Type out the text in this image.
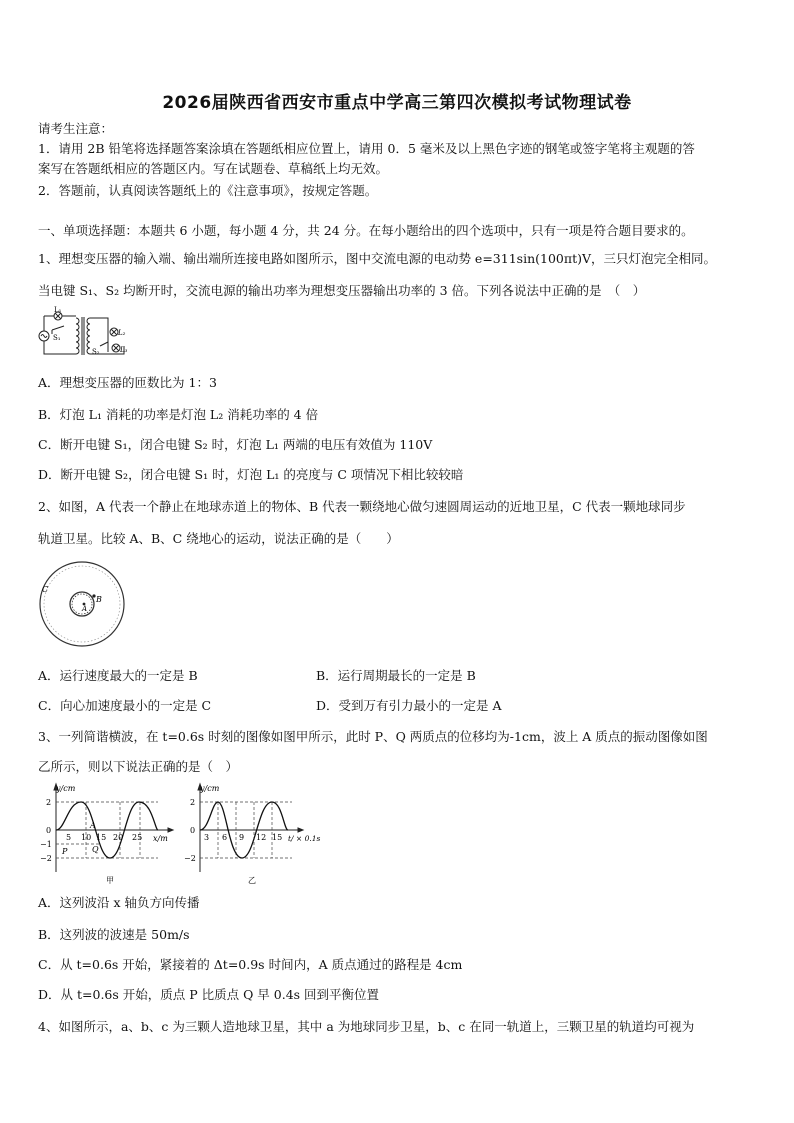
2026届陕西省西安市重点中学高三第四次模拟考试物理试卷
请考生注意：
1．请用 2B 铅笔将选择题答案涂填在答题纸相应位置上，请用 0．5 毫米及以上黑色字迹的钢笔或签字笔将主观题的答
案写在答题纸相应的答题区内。写在试题卷、草稿纸上均无效。
2．答题前，认真阅读答题纸上的《注意事项》，按规定答题。
一、单项选择题：本题共 6 小题，每小题 4 分，共 24 分。在每小题给出的四个选项中，只有一项是符合题目要求的。
1、理想变压器的输入端、输出端所连接电路如图所示，图中交流电源的电动势 e=311sin(100πt)V，三只灯泡完全相同。
当电键 S₁、S₂ 均断开时，交流电源的输出功率为理想变压器输出功率的 3 倍。下列各说法中正确的是　（　）
L₁
L₂
L₃
S₁
S₂
A．理想变压器的匝数比为 1：3
B．灯泡 L₁ 消耗的功率是灯泡 L₂ 消耗功率的 4 倍
C．断开电键 S₁，闭合电键 S₂ 时，灯泡 L₁ 两端的电压有效值为 110V
D．断开电键 S₂，闭合电键 S₁ 时，灯泡 L₁ 的亮度与 C 项情况下相比较较暗
2、如图，A 代表一个静止在地球赤道上的物体、B 代表一颗绕地心做匀速圆周运动的近地卫星，C 代表一颗地球同步
轨道卫星。比较 A、B、C 绕地心的运动，说法正确的是（　　）
C
B
A
A．运行速度最大的一定是 B	B．运行周期最长的一定是 B
C．向心加速度最小的一定是 C	D．受到万有引力最小的一定是 A
3、一列简谐横波，在 t=0.6s 时刻的图像如图甲所示，此时 P、Q 两质点的位移均为-1cm，波上 A 质点的振动图像如图
乙所示，则以下说法正确的是（　）
y/cm
x/m
2
0
−1
−2
5 10 15 20 25
A
P	Q
甲
y/cm
t/ × 0.1s
2
0
−2
3 6 9 12 15
乙
A．这列波沿 x 轴负方向传播
B．这列波的波速是 50m/s
C．从 t=0.6s 开始，紧接着的 Δt=0.9s 时间内，A 质点通过的路程是 4cm
D．从 t=0.6s 开始，质点 P 比质点 Q 早 0.4s 回到平衡位置
4、如图所示，a、b、c 为三颗人造地球卫星，其中 a 为地球同步卫星，b、c 在同一轨道上，三颗卫星的轨道均可视为
